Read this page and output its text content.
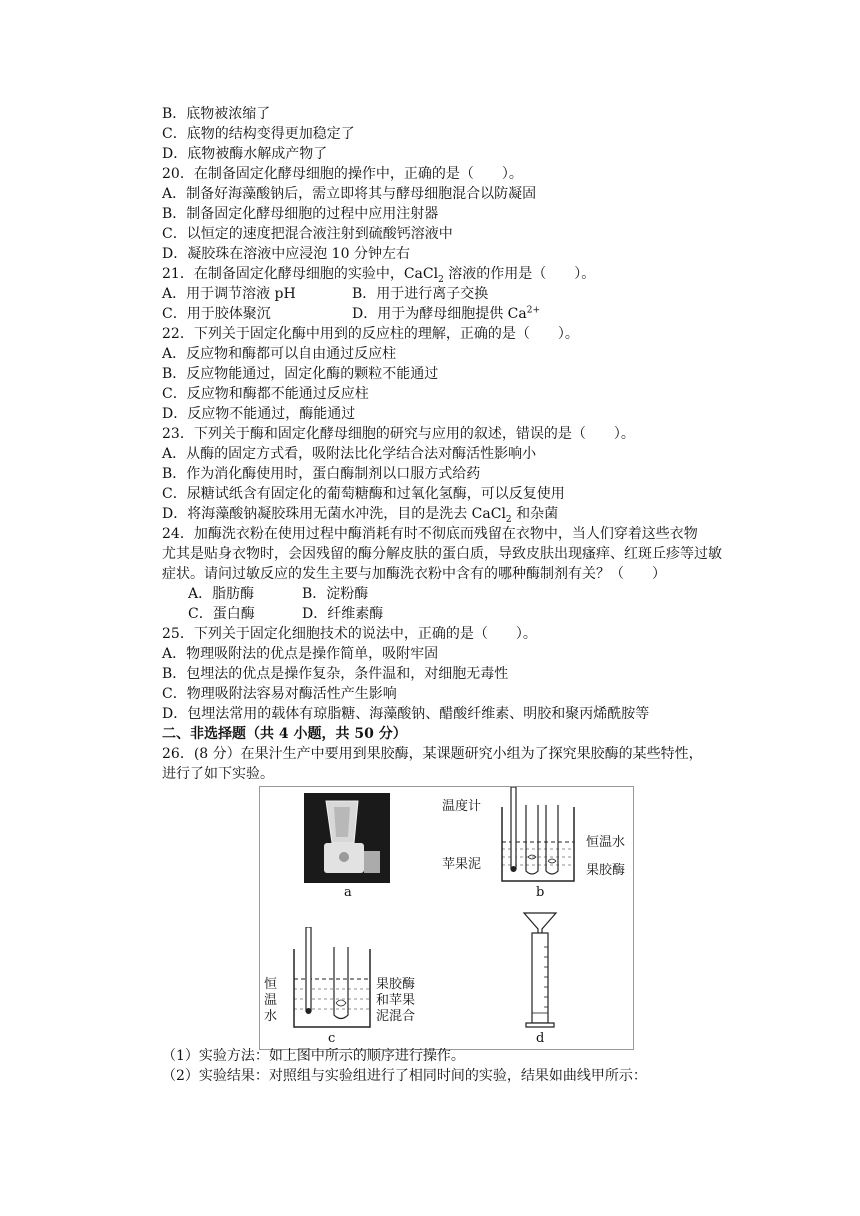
B．底物被浓缩了
C．底物的结构变得更加稳定了
D．底物被酶水解成产物了
20．在制备固定化酵母细胞的操作中，正确的是（　　）。
A．制备好海藻酸钠后，需立即将其与酵母细胞混合以防凝固
B．制备固定化酵母细胞的过程中应用注射器
C．以恒定的速度把混合液注射到硫酸钙溶液中
D．凝胶珠在溶液中应浸泡 10 分钟左右
21．在制备固定化酵母细胞的实验中，CaCl$_2$ 溶液的作用是（　　）。
A．用于调节溶液 pH	B．用于进行离子交换
C．用于胶体聚沉	D．用于为酵母细胞提供 $Ca^{2+}$
22．下列关于固定化酶中用到的反应柱的理解，正确的是（　　）。
A．反应物和酶都可以自由通过反应柱
B．反应物能通过，固定化酶的颗粒不能通过
C．反应物和酶都不能通过反应柱
D．反应物不能通过，酶能通过
23．下列关于酶和固定化酵母细胞的研究与应用的叙述，错误的是（　　）。
A．从酶的固定方式看，吸附法比化学结合法对酶活性影响小
B．作为消化酶使用时，蛋白酶制剂以口服方式给药
C．尿糖试纸含有固定化的葡萄糖酶和过氧化氢酶，可以反复使用
D．将海藻酸钠凝胶珠用无菌水冲洗，目的是洗去 CaCl$_2$ 和杂菌
24．加酶洗衣粉在使用过程中酶消耗有时不彻底而残留在衣物中，当人们穿着这些衣物
尤其是贴身衣物时，会因残留的酶分解皮肤的蛋白质，导致皮肤出现瘙痒、红斑丘疹等过敏
症状。请问过敏反应的发生主要与加酶洗衣粉中含有的哪种酶制剂有关？（　　）
A．脂肪酶	B．淀粉酶
C．蛋白酶	D．纤维素酶
25．下列关于固定化细胞技术的说法中，正确的是（　　）。
A．物理吸附法的优点是操作简单，吸附牢固
B．包埋法的优点是操作复杂，条件温和，对细胞无毒性
C．物理吸附法容易对酶活性产生影响
D．包埋法常用的载体有琼脂糖、海藻酸钠、醋酸纤维素、明胶和聚丙烯酰胺等
二、非选择题（共 4 小题，共 50 分）
26．(8 分）在果汁生产中要用到果胶酶，某课题研究小组为了探究果胶酶的某些特性，
进行了如下实验。
a
温度计
恒温水
苹果泥	果胶酶
b
恒
温
水
果胶酶
和苹果
泥混合
c	d
（1）实验方法：如上图中所示的顺序进行操作。
（2）实验结果：对照组与实验组进行了相同时间的实验，结果如曲线甲所示：
